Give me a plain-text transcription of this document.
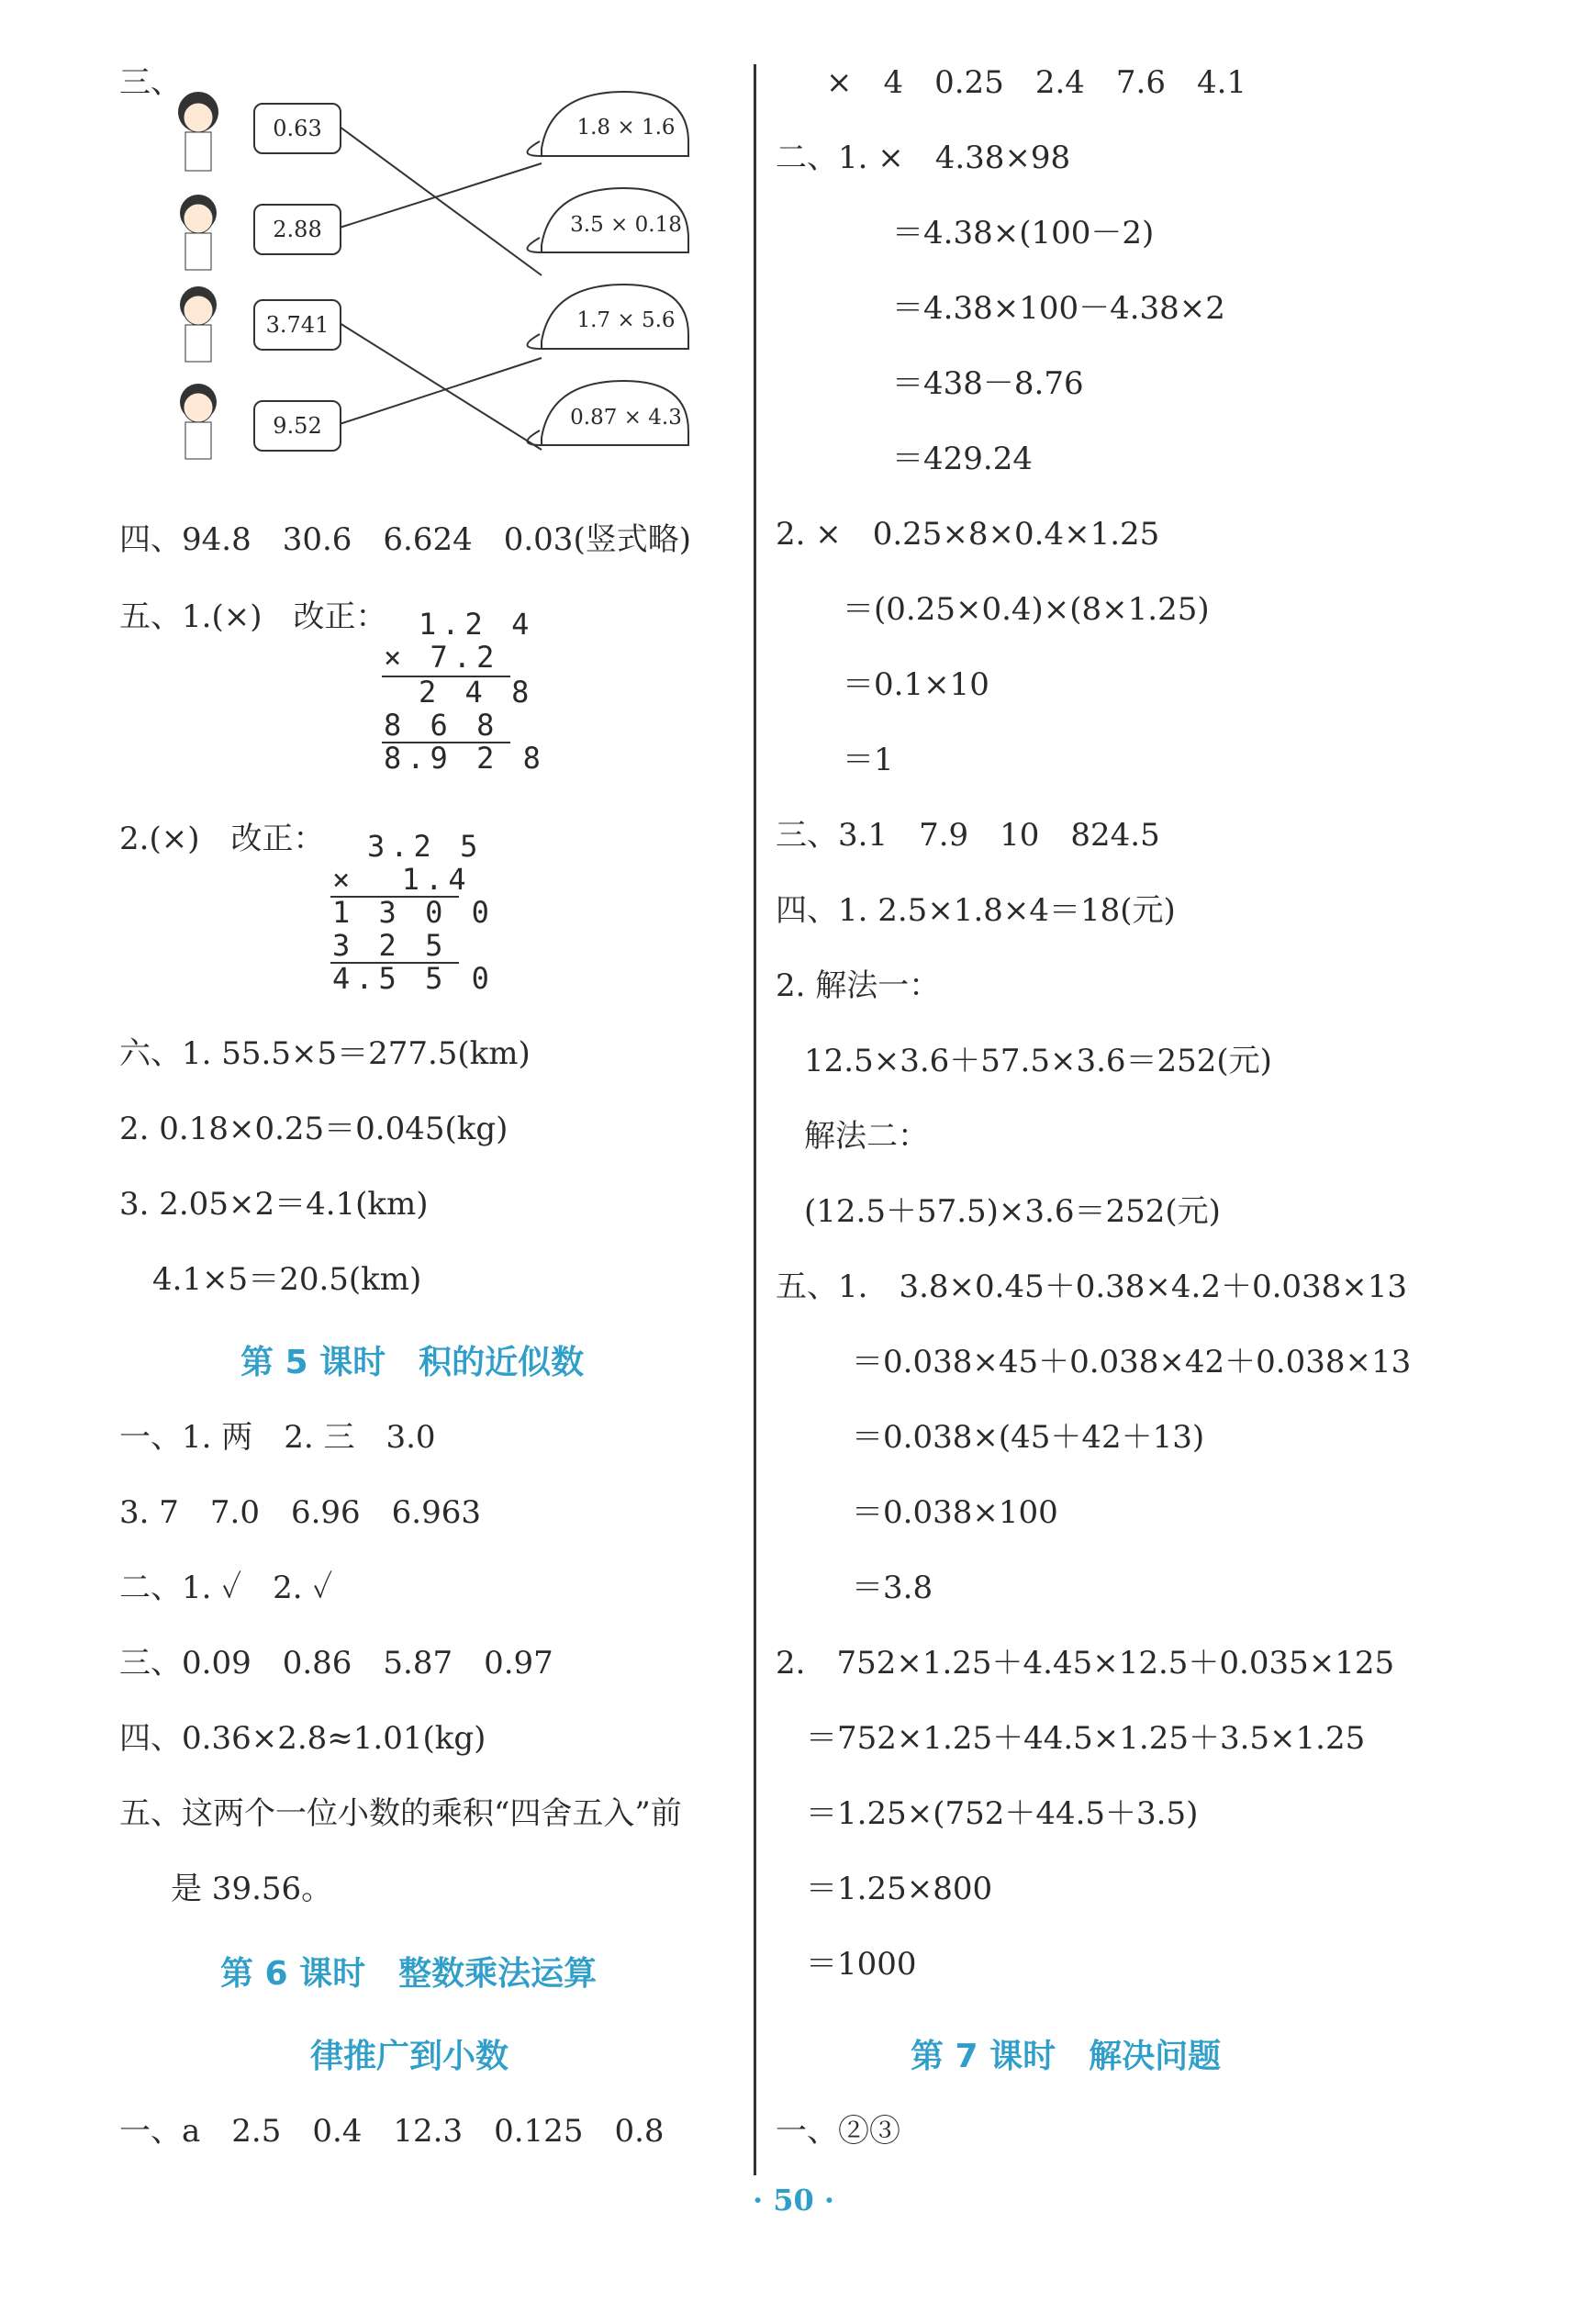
三、
0.63
2.88
3.741
9.52
1.8 × 1.6
3.5 × 0.18
1.7 × 5.6
0.87 × 4.3
四、94.8　30.6　6.624　0.03(竖式略)
五、1.(×)　改正： 1.2 4
× 7.2
2 4 8
8 6 8
8.9 2 8
2.(×)　改正： 3.2 5
×  1.4
1 3 0 0
3 2 5
4.5 5 0
六、1. 55.5×5＝277.5(km)
2. 0.18×0.25＝0.045(kg)
3. 2.05×2＝4.1(km)
4.1×5＝20.5(km)
第 5 课时　积的近似数
一、1. 两　2. 三　3.0
3. 7　7.0　6.96　6.963
二、1. ✓　2. ✓
三、0.09　0.86　5.87　0.97
四、0.36×2.8≈1.01(kg)
五、这两个一位小数的乘积“四舍五入”前
是 39.56。
第 6 课时　整数乘法运算
律推广到小数
一、a　2.5　0.4　12.3　0.125　0.8
×　4　0.25　2.4　7.6　4.1
二、1. ×　4.38×98
＝4.38×(100－2)
＝4.38×100－4.38×2
＝438－8.76
＝429.24
2. ×　0.25×8×0.4×1.25
＝(0.25×0.4)×(8×1.25)
＝0.1×10
＝1
三、3.1　7.9　10　824.5
四、1. 2.5×1.8×4＝18(元)
2. 解法一：
12.5×3.6＋57.5×3.6＝252(元)
解法二：
(12.5＋57.5)×3.6＝252(元)
五、1.　3.8×0.45＋0.38×4.2＋0.038×13
＝0.038×45＋0.038×42＋0.038×13
＝0.038×(45＋42＋13)
＝0.038×100
＝3.8
2.　752×1.25＋4.45×12.5＋0.035×125
＝752×1.25＋44.5×1.25＋3.5×1.25
＝1.25×(752＋44.5＋3.5)
＝1.25×800
＝1000
第 7 课时　解决问题
一、②③
· 50 ·
